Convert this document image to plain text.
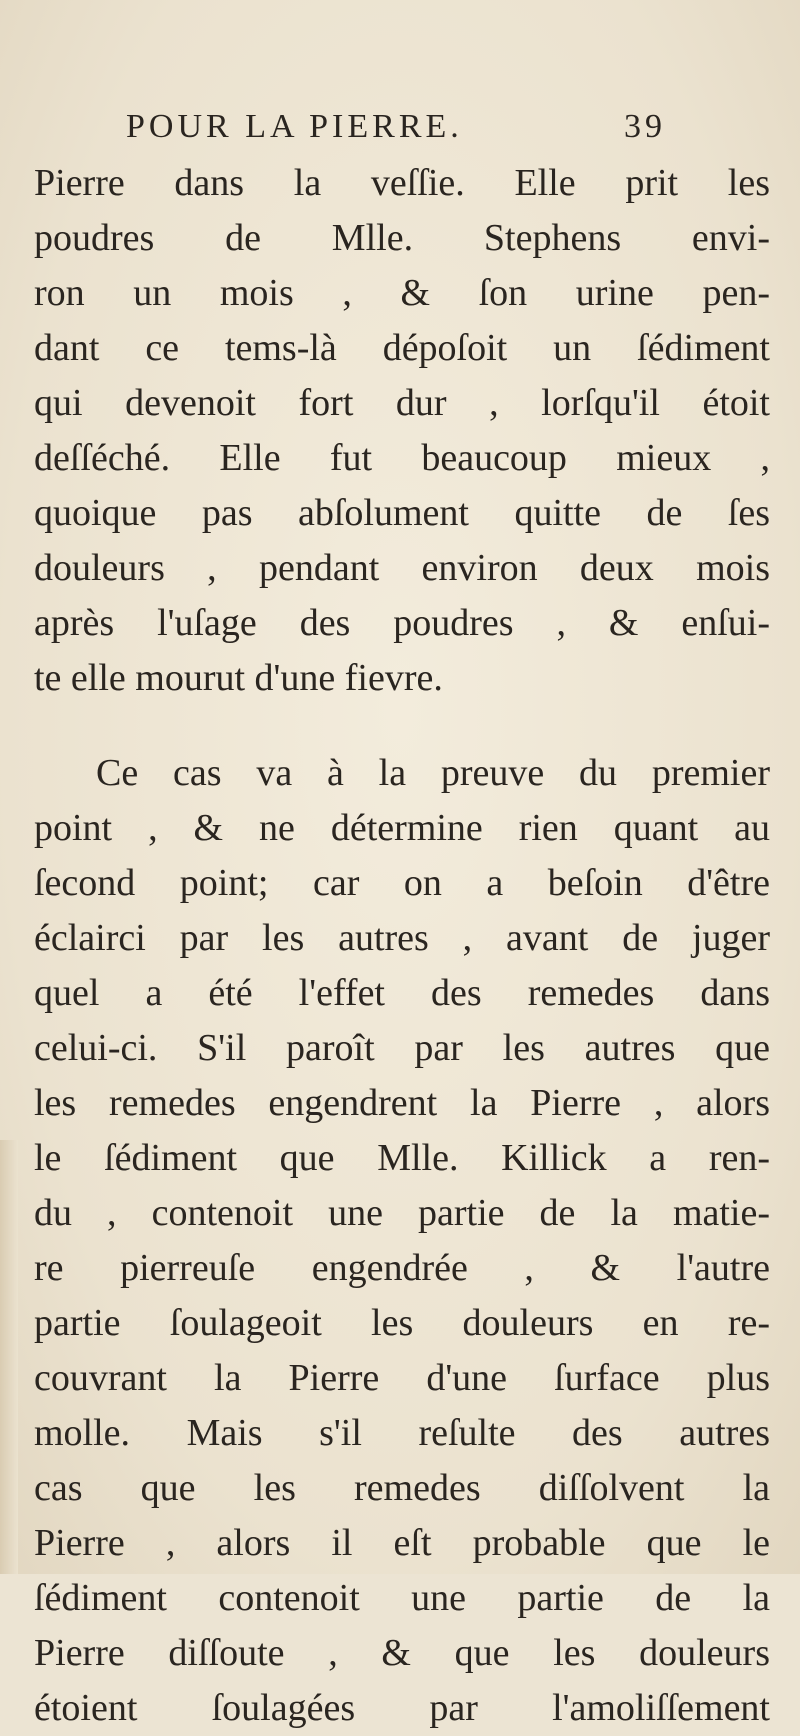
POUR LA PIERRE.	39
Pierre dans la veſſie. Elle prit les
poudres de Mlle. Stephens envi-
ron un mois , & ſon urine pen-
dant ce tems-là dépoſoit un ſédiment
qui devenoit fort dur , lorſqu'il étoit
deſſéché. Elle fut beaucoup mieux ,
quoique pas abſolument quitte de ſes
douleurs , pendant environ deux mois
après l'uſage des poudres , & enſui-
te elle mourut d'une fievre.
Ce cas va à la preuve du premier
point , & ne détermine rien quant au
ſecond point; car on a beſoin d'être
éclairci par les autres , avant de juger
quel a été l'effet des remedes dans
celui-ci. S'il paroît par les autres que
les remedes engendrent la Pierre , alors
le ſédiment que Mlle. Killick a ren-
du , contenoit une partie de la matie-
re pierreuſe engendrée , & l'autre
partie ſoulageoit les douleurs en re-
couvrant la Pierre d'une ſurface plus
molle. Mais s'il reſulte des autres
cas que les remedes diſſolvent la
Pierre , alors il eſt probable que le
ſédiment contenoit une partie de la
Pierre diſſoute , & que les douleurs
étoient ſoulagées par l'amoliſſement
